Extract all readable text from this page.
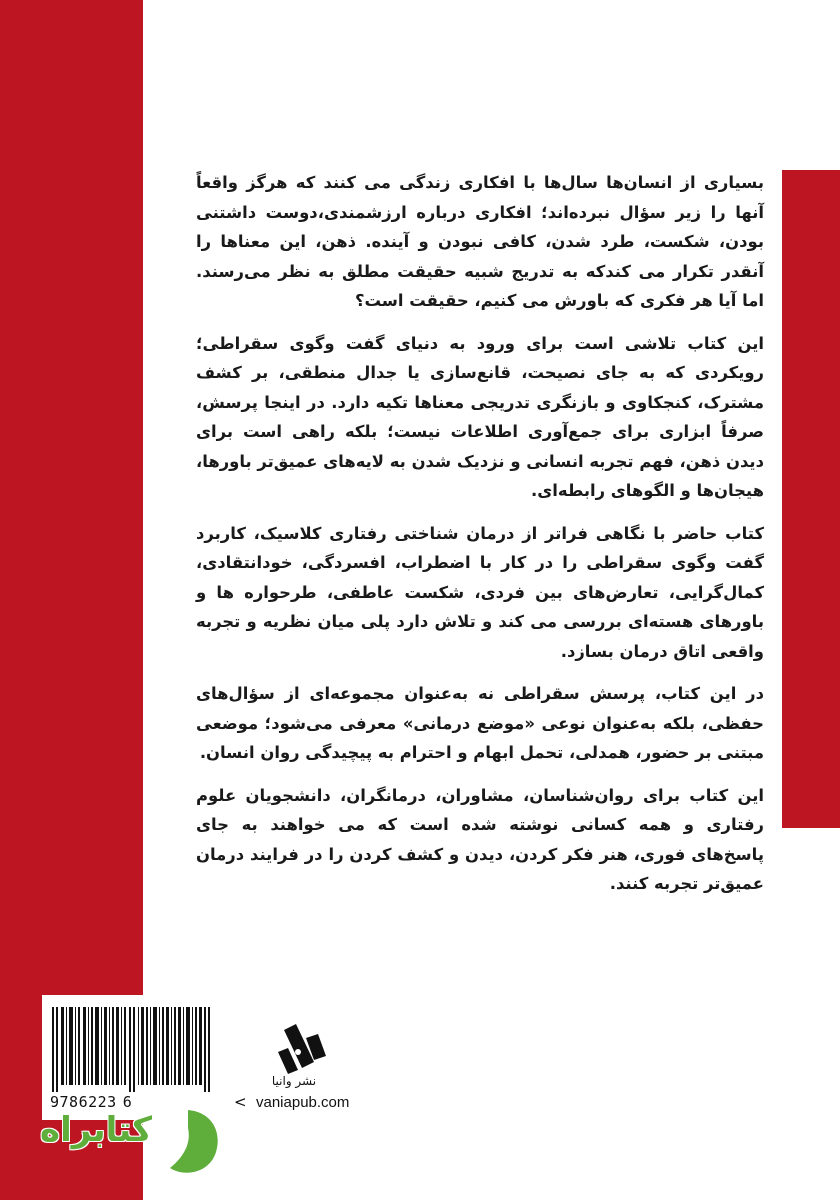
بسیاری از انسان‌ها سال‌ها با افکاری زندگی می کنند که هرگز واقعاً آنها را زیر سؤال نبرده‌اند؛ افکاری درباره ارزشمندی،دوست داشتنی بودن، شکست، طرد شدن، کافی نبودن و آینده. ذهن، این معناها را آنقدر تکرار می کندکه به تدریج شبیه حقیقت مطلق به نظر می‌رسند. اما آیا هر فکری که باورش می کنیم، حقیقت است؟

این کتاب تلاشی است برای ورود به دنیای گفت وگوی سقراطی؛ رویکردی که به جای نصیحت، قانع‌سازی یا جدال منطقی، بر کشف مشترک، کنجکاوی و بازنگری تدریجی معناها تکیه دارد. در اینجا پرسش، صرفاً ابزاری برای جمع‌آوری اطلاعات نیست؛ بلکه راهی است برای دیدن ذهن، فهم تجربه انسانی و نزدیک شدن به لایه‌های عمیق‌تر باورها، هیجان‌ها و الگوهای رابطه‌ای.

کتاب حاضر با نگاهی فراتر از درمان شناختی رفتاری کلاسیک، کاربرد گفت وگوی سقراطی را در کار با اضطراب، افسردگی، خودانتقادی، کمال‌گرایی، تعارض‌های بین فردی، شکست عاطفی، طرحواره ها و باورهای هسته‌ای بررسی می کند و تلاش دارد پلی میان نظریه و تجربه واقعی اتاق درمان بسازد.

در این کتاب، پرسش سقراطی نه به‌عنوان مجموعه‌ای از سؤال‌های حفظی، بلکه به‌عنوان نوعی «موضع درمانی» معرفی می‌شود؛ موضعی مبتنی بر حضور، همدلی، تحمل ابهام و احترام به پیچیدگی روان انسان.

این کتاب برای روان‌شناسان، مشاوران، درمانگران، دانشجویان علوم رفتاری و همه کسانی نوشته شده است که می خواهند به جای پاسخ‌های فوری، هنر فکر کردن، دیدن و کشف کردن را در فرایند درمان عمیق‌تر تجربه کنند.

9786223 6	<
نشر وانیا
vaniapub.com
کتابراه
